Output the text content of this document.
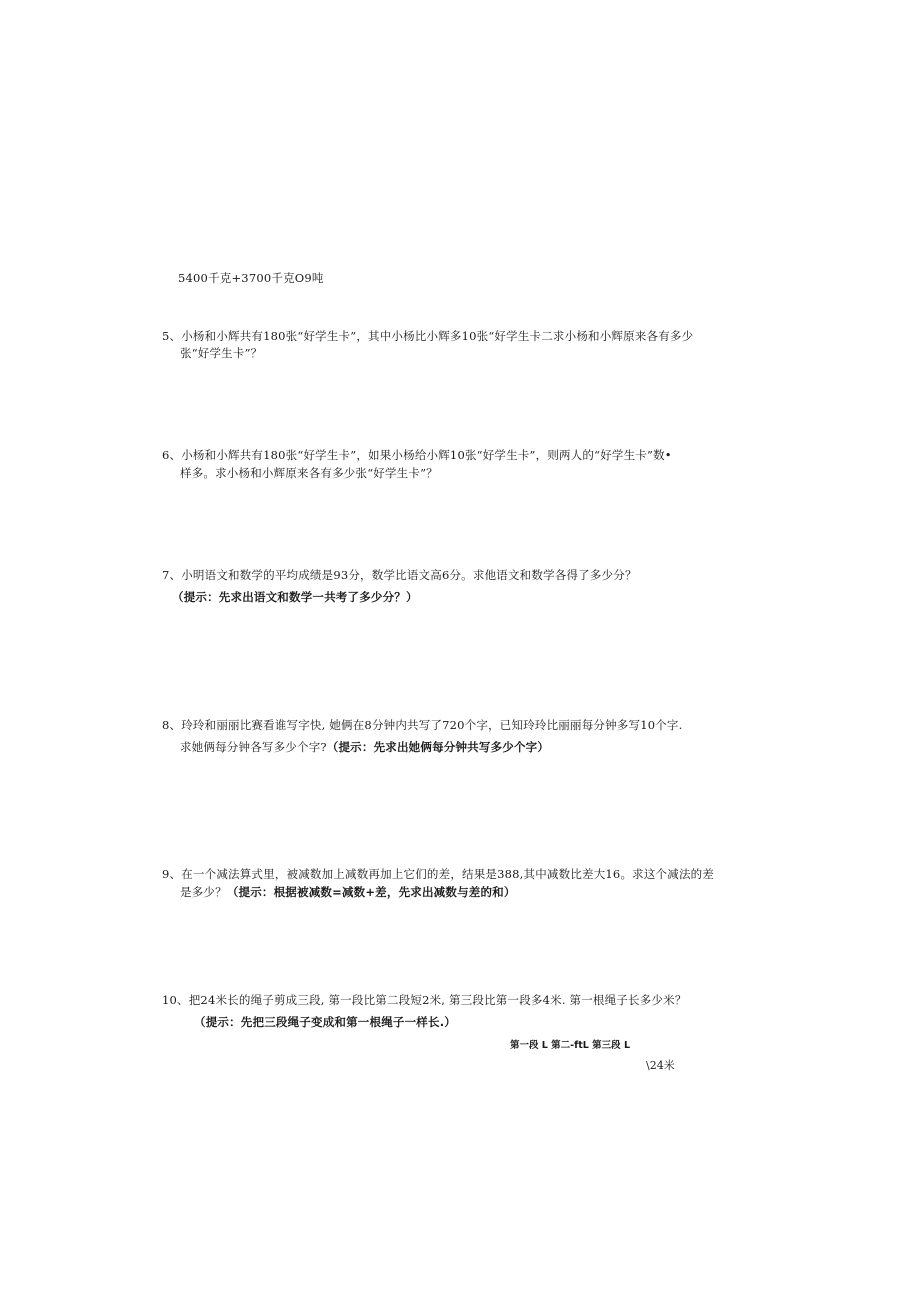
5400千克+3700千克O9吨
5、小杨和小辉共有180张“好学生卡”，其中小杨比小辉多10张“好学生卡二求小杨和小辉原来各有多少
张“好学生卡”？
6、小杨和小辉共有180张“好学生卡”，如果小杨给小辉10张“好学生卡”，则两人的“好学生卡”数•
样多。求小杨和小辉原来各有多少张“好学生卡”？
7、小明语文和数学的平均成绩是93分，数学比语文高6分。求他语文和数学各得了多少分？
（提示：先求出语文和数学一共考了多少分？）
8、玲玲和丽丽比赛看谁写字快, 她俩在8分钟内共写了720个字，已知玲玲比丽丽每分钟多写10个字.
求她俩每分钟各写多少个字?（提示：先求出她俩每分钟共写多少个字）
9、在一个减法算式里，被减数加上减数再加上它们的差，结果是388,其中减数比差大16。求这个减法的差
是多少？（提示：根据被减数=减数+差，先求出减数与差的和）
10、把24米长的绳子剪成三段, 第一段比第二段短2米, 第三段比第一段多4米. 第一根绳子长多少米？
（提示：先把三段绳子变成和第一根绳子一样长.）
第一段 L 第二-ftL 第三段 L
\24米
